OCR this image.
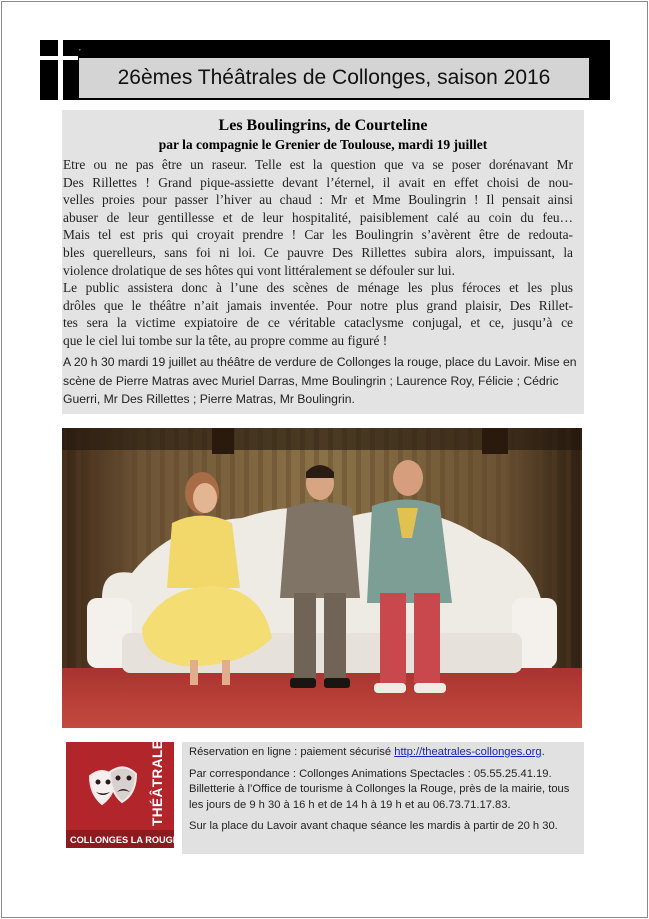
,
26èmes Théâtrales de Collonges, saison 2016
Les Boulingrins, de Courteline
par la compagnie le Grenier de Toulouse, mardi 19 juillet

Etre ou ne pas être un raseur. Telle est la question que va se poser dorénavant Mr
Des Rillettes ! Grand pique-assiette devant l’éternel, il avait en effet choisi de nou-
velles proies pour passer l’hiver au chaud : Mr et Mme Boulingrin ! Il pensait ainsi
abuser de leur gentillesse et de leur hospitalité, paisiblement calé au coin du feu…
Mais tel est pris qui croyait prendre ! Car les Boulingrin s’avèrent être de redouta-
bles querelleurs, sans foi ni loi. Ce pauvre Des Rillettes subira alors, impuissant, la
violence drolatique de ses hôtes qui vont littéralement se défouler sur lui.

Le public assistera donc à l’une des scènes de ménage les plus féroces et les plus
drôles que le théâtre n’ait jamais inventée. Pour notre plus grand plaisir, Des Rillet-
tes sera la victime expiatoire de ce véritable cataclysme conjugal, et ce, jusqu’à ce
que le ciel lui tombe sur la tête, au propre comme au figuré !

A 20 h 30 mardi 19 juillet au théâtre de verdure de Collonges la rouge, place du Lavoir. Mise en scène de Pierre Matras avec Muriel Darras, Mme Boulingrin ; Laurence Roy, Félicie ; Cédric Guerri, Mr Des Rillettes ; Pierre Matras, Mr Boulingrin.
THÉÂTRALES
COLLONGES LA ROUGE

Réservation en ligne : paiement sécurisé http://theatrales-collonges.org.

Par correspondance : Collonges Animations Spectacles : 05.55.25.41.19. Billetterie à l’Office de tourisme à Collonges la Rouge, près de la mairie, tous les jours de 9 h 30 à 16 h et de 14 h à 19 h et au 06.73.71.17.83.

Sur la place du Lavoir avant chaque séance les mardis à partir de 20 h 30.
